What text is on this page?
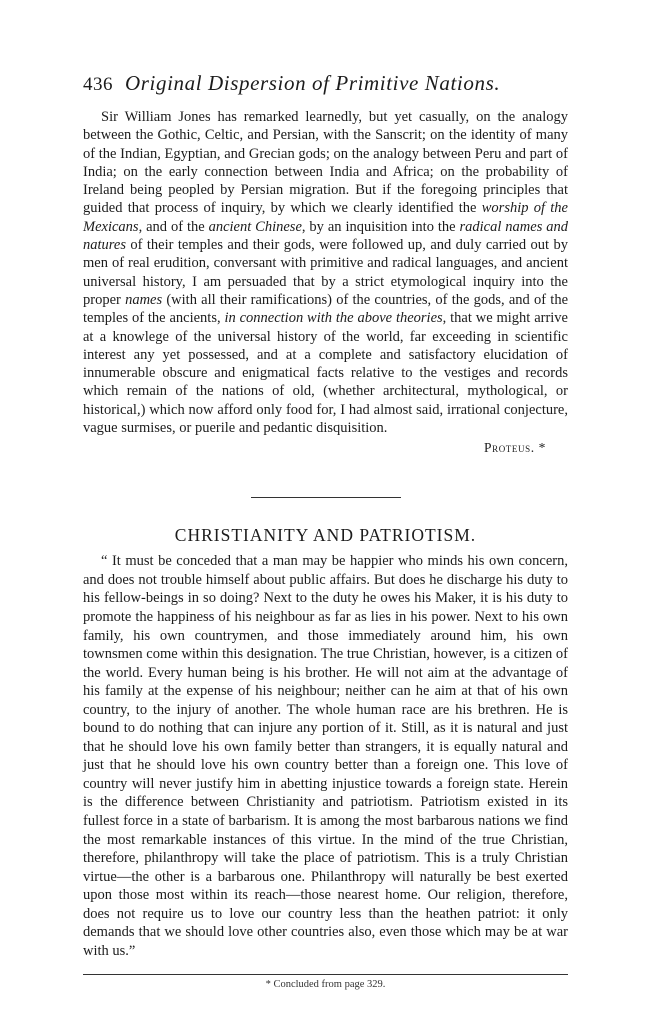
436 Original Dispersion of Primitive Nations.

Sir William Jones has remarked learnedly, but yet casually, on the analogy between the Gothic, Celtic, and Persian, with the Sanscrit; on the identity of many of the Indian, Egyptian, and Grecian gods; on the analogy between Peru and part of India; on the early connection between India and Africa; on the probability of Ireland being peopled by Persian migration. But if the foregoing principles that guided that process of inquiry, by which we clearly identified the worship of the Mexicans, and of the ancient Chinese, by an inquisition into the radical names and natures of their temples and their gods, were followed up, and duly carried out by men of real erudition, conversant with primitive and radical languages, and ancient universal history, I am persuaded that by a strict etymological inquiry into the proper names (with all their ramifications) of the countries, of the gods, and of the temples of the ancients, in connection with the above theories, that we might arrive at a knowlege of the universal history of the world, far exceeding in scientific interest any yet possessed, and at a complete and satisfactory elucidation of innumerable obscure and enigmatical facts relative to the vestiges and records which remain of the nations of old, (whether architectural, mythological, or historical,) which now afford only food for, I had almost said, irrational conjecture, vague surmises, or puerile and pedantic disquisition.

Proteus. *
CHRISTIANITY AND PATRIOTISM.

“ It must be conceded that a man may be happier who minds his own concern, and does not trouble himself about public affairs. But does he discharge his duty to his fellow-beings in so doing? Next to the duty he owes his Maker, it is his duty to promote the happiness of his neighbour as far as lies in his power. Next to his own family, his own countrymen, and those immediately around him, his own townsmen come within this designation. The true Christian, however, is a citizen of the world. Every human being is his brother. He will not aim at the advantage of his family at the expense of his neighbour; neither can he aim at that of his own country, to the injury of another. The whole human race are his brethren. He is bound to do nothing that can injure any portion of it. Still, as it is natural and just that he should love his own family better than strangers, it is equally natural and just that he should love his own country better than a foreign one. This love of country will never justify him in abetting injustice towards a foreign state. Herein is the difference between Christianity and patriotism. Patriotism existed in its fullest force in a state of barbarism. It is among the most barbarous nations we find the most remarkable instances of this virtue. In the mind of the true Christian, therefore, philanthropy will take the place of patriotism. This is a truly Christian virtue—the other is a barbarous one. Philanthropy will naturally be best exerted upon those most within its reach—those nearest home. Our religion, therefore, does not require us to love our country less than the heathen patriot: it only demands that we should love other countries also, even those which may be at war with us.”

* Concluded from page 329.
